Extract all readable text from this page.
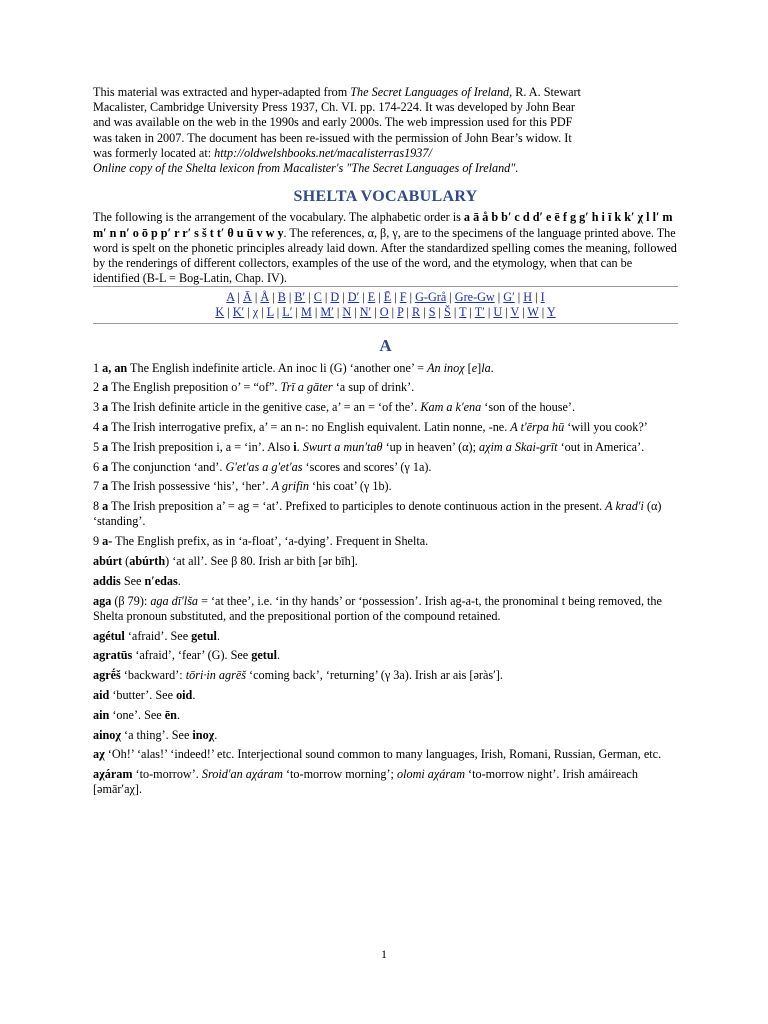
This material was extracted and hyper-adapted from The Secret Languages of Ireland, R. A. Stewart
Macalister, Cambridge University Press 1937, Ch. VI. pp. 174-224. It was developed by John Bear
and was available on the web in the 1990s and early 2000s. The web impression used for this PDF
was taken in 2007. The document has been re-issued with the permission of John Bear’s widow. It
was formerly located at: http://oldwelshbooks.net/macalisterras1937/
Online copy of the Shelta lexicon from Macalister's "The Secret Languages of Ireland".
SHELTA VOCABULARY

The following is the arrangement of the vocabulary. The alphabetic order is a ā å b b′ c d d′ e ē f g g′ h i ī k k′ χ l l′ m m′ n n′ o ō p p′ r r′ s š t t′ θ u ū v w y. The references, α, β, γ, are to the specimens of the language printed above. The word is spelt on the phonetic principles already laid down. After the standardized spelling comes the meaning, followed by the renderings of different collectors, examples of the use of the word, and the etymology, when that can be identified (B-L = Bog-Latin, Chap. IV).

A | Ā | Å | B | B′ | C | D | D′ | E | Ē | F | G-Grå | Gre-Gw | G′ | H | I
K | K′ | χ | L | L′ | M | M′ | N | N′ | O | P | R | S | Š | T | T′ | U | V | W | Y
A

1 a, an The English indefinite article. An inoc li (G) ‘another one’ = An inoχ [e]la.

2 a The English preposition o’ = “of”. Trī a gāter ‘a sup of drink’.

3 a The Irish definite article in the genitive case, a’ = an = ‘of the’. Kam a k′ena ‘son of the house’.

4 a The Irish interrogative prefix, a’ = an n-: no English equivalent. Latin nonne, -ne. A t′ērpa hū ‘will you cook?’

5 a The Irish preposition i, a = ‘in’. Also i. Swurt a mun′taθ ‘up in heaven’ (α); aχim a Skai-grīt ‘out in America’.

6 a The conjunction ‘and’. G′et′as a g′et′as ‘scores and scores’ (γ 1a).

7 a The Irish possessive ‘his’, ‘her’. A grifin ‘his coat’ (γ 1b).

8 a The Irish preposition a’ = ag = ‘at’. Prefixed to participles to denote continuous action in the present. A krad′i (α) ‘standing’.

9 a- The English prefix, as in ‘a-float’, ‘a-dying’. Frequent in Shelta.

abúrt (abúrth) ‘at all’. See β 80. Irish ar bith [ər bīh].

addis See n′edas.

aga (β 79): aga dī′lša = ‘at thee’, i.e. ‘in thy hands’ or ‘possession’. Irish ag-a-t, the pronominal t being removed, the Shelta pronoun substituted, and the prepositional portion of the compound retained.

agétul ‘afraid’. See getul.

agratūs ‘afraid’, ‘fear’ (G). See getul.

agrḗš ‘backward’: tōri·in agrēš ‘coming back’, ‘returning’ (γ 3a). Irish ar ais [əràs′].

aid ‘butter’. See oid.

ain ‘one’. See ēn.

ainoχ ‘a thing’. See inoχ.

aχ ‘Oh!’ ‘alas!’ ‘indeed!’ etc. Interjectional sound common to many languages, Irish, Romani, Russian, German, etc.

aχáram ‘to-morrow’. Sroid′an aχáram ‘to-morrow morning’; olomi aχáram ‘to-morrow night’. Irish amáireach [əmār′aχ].

1
